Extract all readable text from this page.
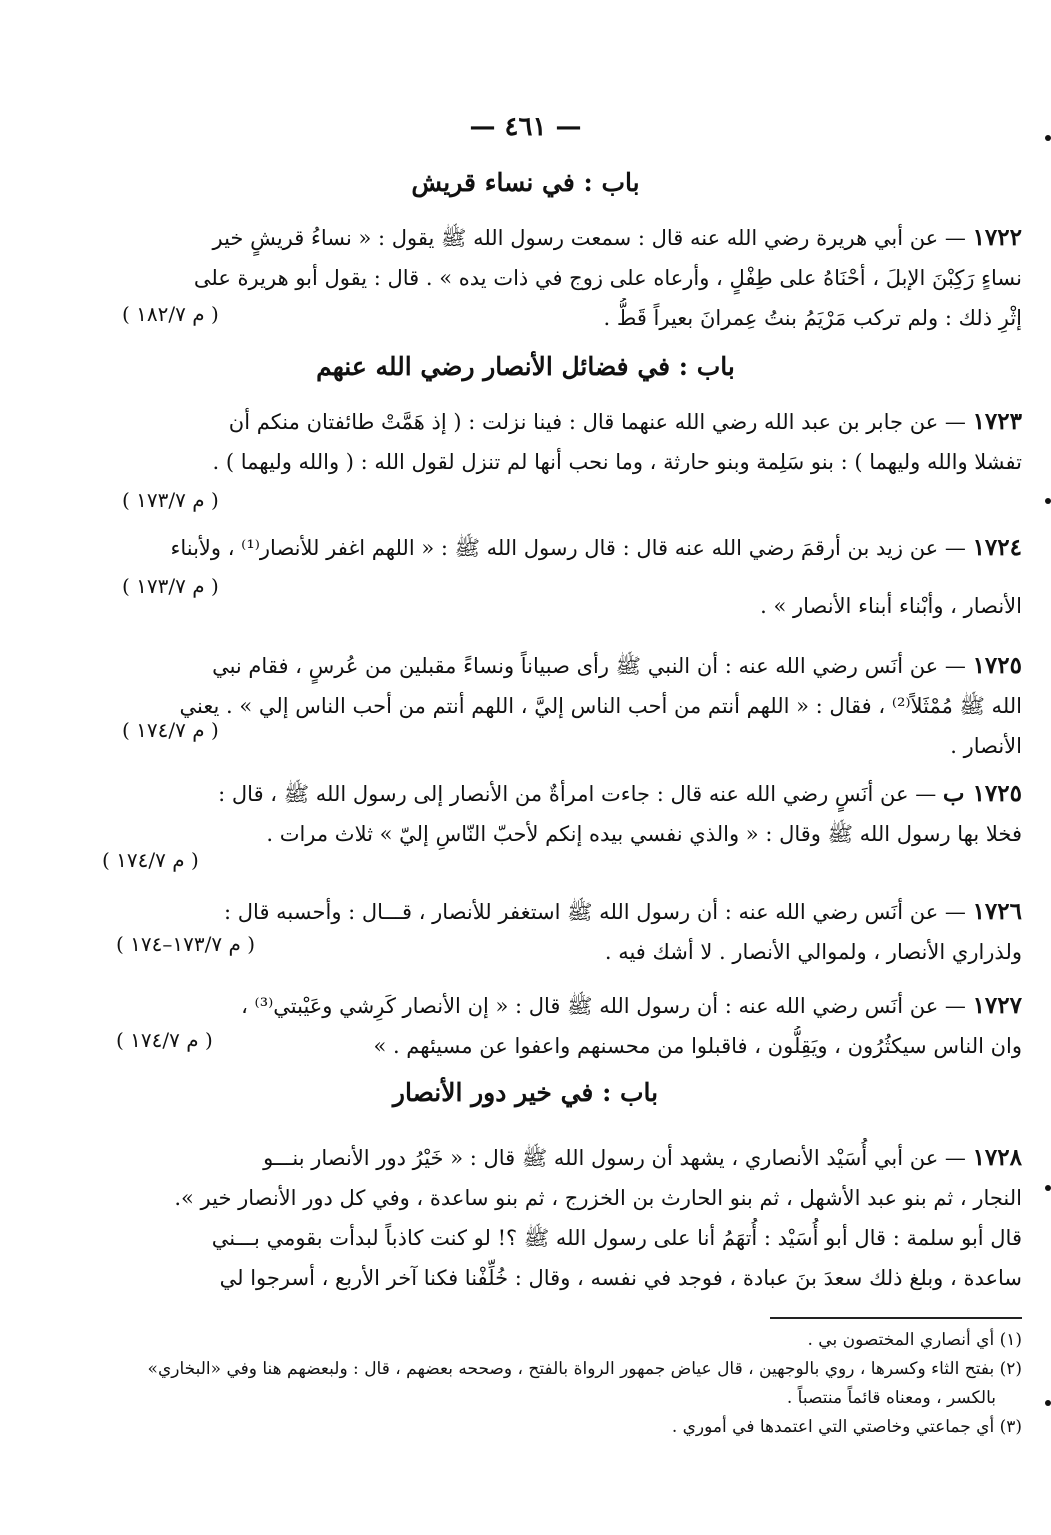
— ٤٦١ —
باب : في نساء قريش
١٧٢٢ — عن أبي هريرة رضي الله عنه قال : سمعت رسول الله ﷺ يقول : « نساءُ قريشٍ خير
نساءٍ رَكِبْنَ الإبلَ ، أحْنَاهُ على طِفْلٍ ، وأرعاه على زوج في ذات يده » . قال : يقول أبو هريرة على
إثْرِ ذلك : ولم تركب مَرْيَمُ بنتُ عِمرانَ بعيراً قَطُّ .
( م ١٨٢/٧ )
باب : في فضائل الأنصار رضي الله عنهم
١٧٢٣ — عن جابر بن عبد الله رضي الله عنهما قال : فينا نزلت : ( إذ هَمَّتْ طائفتان منكم أن
تفشلا والله وليهما ) : بنو سَلِمة وبنو حارثة ، وما نحب أنها لم تنزل لقول الله : ( والله وليهما ) .
( م ١٧٣/٧ )
١٧٢٤ — عن زيد بن أرقمَ رضي الله عنه قال : قال رسول الله ﷺ : « اللهم اغفر للأنصار⁽¹⁾ ، ولأبناء
الأنصار ، وأبْناء أبناء الأنصار » .
( م ١٧٣/٧ )
١٧٢٥ — عن أنَس رضي الله عنه : أن النبي ﷺ رأى صبياناً ونساءً مقبلين من عُرسٍ ، فقام نبي
الله ﷺ مُمْثَلاً⁽²⁾ ، فقال : « اللهم أنتم من أحب الناس إليَّ ، اللهم أنتم من أحب الناس إلي » . يعني
الأنصار .
( م ١٧٤/٧ )
١٧٢٥ ب — عن أنَسٍ رضي الله عنه قال : جاءت امرأةٌ من الأنصار إلى رسول الله ﷺ ، قال :
فخلا بها رسول الله ﷺ وقال : « والذي نفسي بيده إنكم لأحبّ النّاسِ إليّ » ثلاث مرات .
( م ١٧٤/٧ )
١٧٢٦ — عن أنَس رضي الله عنه : أن رسول الله ﷺ استغفر للأنصار ، قـــال : وأحسبه قال :
ولذراري الأنصار ، ولموالي الأنصار . لا أشك فيه .
( م ١٧٣/٧–١٧٤ )
١٧٢٧ — عن أنَس رضي الله عنه : أن رسول الله ﷺ قال : « إن الأنصار كَرِشي وعَيْبتي⁽³⁾ ،
وان الناس سيكثُرُون ، ويَقِلُّون ، فاقبلوا من محسنهم واعفوا عن مسيئهم . »
( م ١٧٤/٧ )
باب : في خير دور الأنصار
١٧٢٨ — عن أبي أُسَيْد الأنصاري ، يشهد أن رسول الله ﷺ قال : « خَيْرُ دور الأنصار بنـــو
النجار ، ثم بنو عبد الأشهل ، ثم بنو الحارث بن الخزرج ، ثم بنو ساعدة ، وفي كل دور الأنصار خير ».
قال أبو سلمة : قال أبو أُسَيْد : أُتهَمُ أنا على رسول الله ﷺ ؟! لو كنت كاذباً لبدأت بقومي بـــني
ساعدة ، وبلغ ذلك سعدَ بنَ عبادة ، فوجد في نفسه ، وقال : خُلِّفْنا فكنا آخر الأربع ، أسرجوا لي
(١) أي أنصاري المختصون بي .
(٢) بفتح الثاء وكسرها ، روي بالوجهين ، قال عياض جمهور الرواة بالفتح ، وصححه بعضهم ، قال : ولبعضهم هنا وفي «البخاري»
بالكسر ، ومعناه قائماً منتصباً .
(٣) أي جماعتي وخاصتي التي اعتمدها في أموري .
